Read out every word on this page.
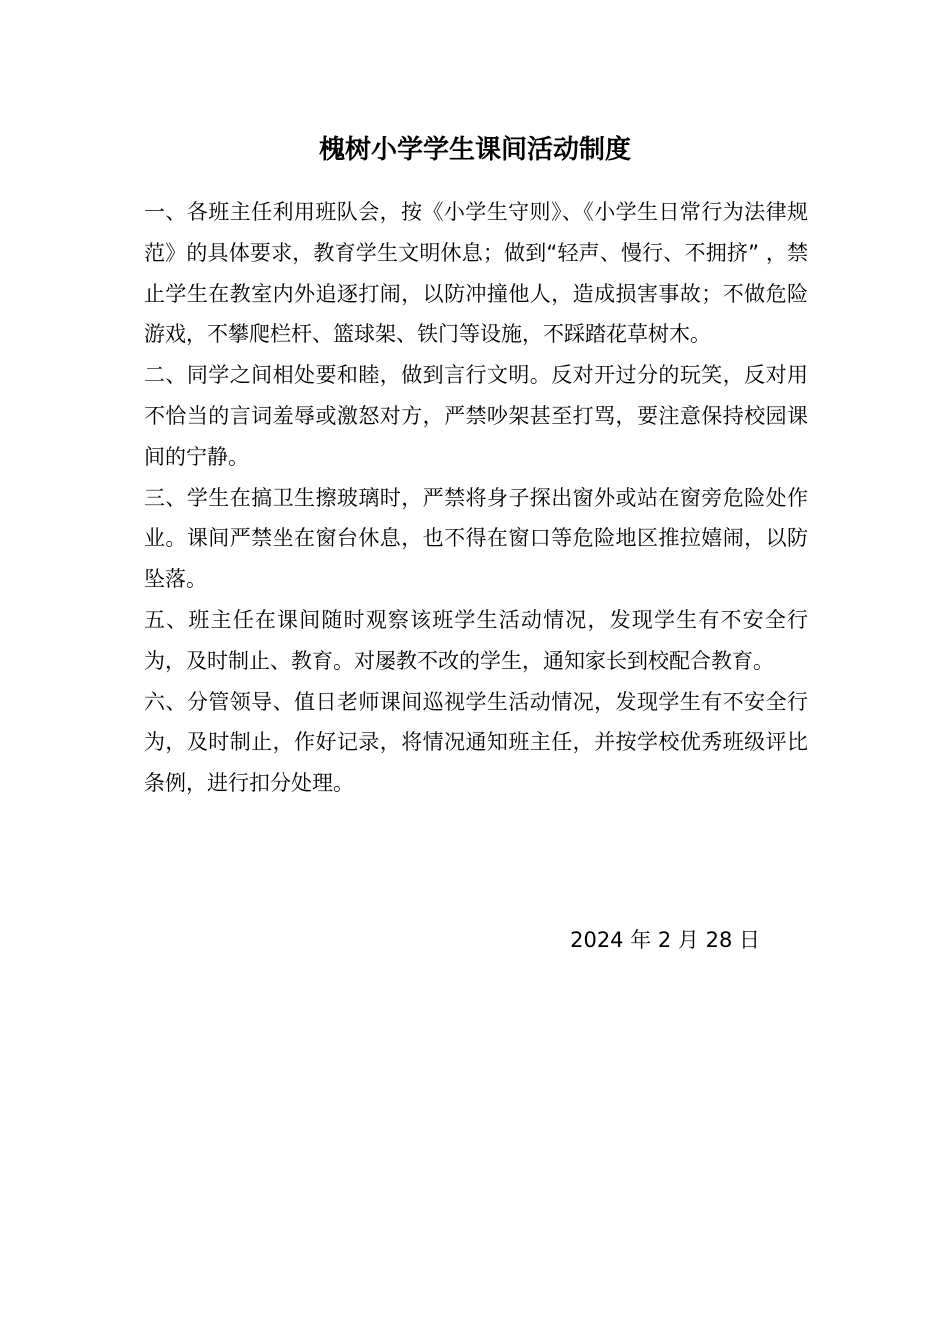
槐树小学学生课间活动制度

一、各班主任利用班队会，按《小学生守则》、《小学生日常行为法律规范》的具体要求，教育学生文明休息；做到“轻声、慢行、不拥挤” ，禁止学生在教室内外追逐打闹，以防冲撞他人，造成损害事故；不做危险游戏，不攀爬栏杆、篮球架、铁门等设施，不踩踏花草树木。

二、同学之间相处要和睦，做到言行文明。反对开过分的玩笑，反对用不恰当的言词羞辱或激怒对方，严禁吵架甚至打骂，要注意保持校园课间的宁静。

三、学生在搞卫生擦玻璃时，严禁将身子探出窗外或站在窗旁危险处作业。课间严禁坐在窗台休息，也不得在窗口等危险地区推拉嬉闹，以防坠落。

五、班主任在课间随时观察该班学生活动情况，发现学生有不安全行为，及时制止、教育。对屡教不改的学生，通知家长到校配合教育。

六、分管领导、值日老师课间巡视学生活动情况，发现学生有不安全行为，及时制止，作好记录，将情况通知班主任，并按学校优秀班级评比条例，进行扣分处理。

2024 年 2 月 28 日
